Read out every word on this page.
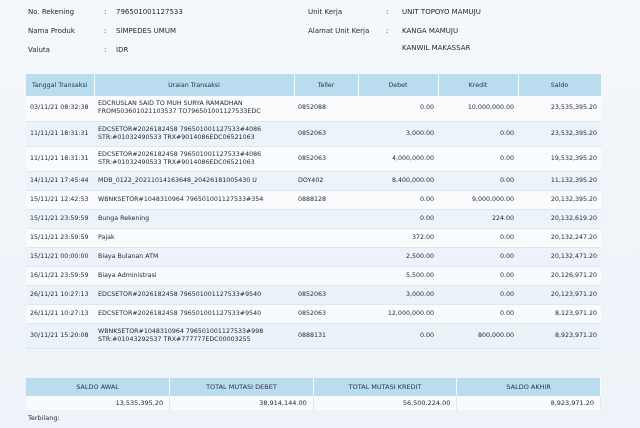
No. Rekening	: 796501001127533
Nama Produk	: SIMPEDES UMUM
Valuta	: IDR
Unit Kerja	: UNIT TOPOYO MAMUJU
Alamat Unit Kerja : KANGA MAMUJU
KANWIL MAKASSAR
Tanggal Transaksi	Uraian Transaksi	Teller	Debet	Kredit	Saldo
03/11/21 08:32:38	EDCRUSLAN SAID TO MUH SURYA RAMADHAN
FROM503601021103537 TO796501001127533EDC	0852088	0.00	10,000,000.00	23,535,395.20
11/11/21 18:31:31	EDCSETOR#2026182458 796501001127533#4086
STR:#01032490533 TRX#9014086EDC06521063	0852063	3,000.00	0.00	23,532,395.20
11/11/21 18:31:31	EDCSETOR#2026182458 796501001127533#4086
STR:#01032490533 TRX#9014086EDC06521063	0852063	4,000,000.00	0.00	19,532,395.20
14/11/21 17:45:44	MDB_0122_20211014163648_20426181005430 U	DOY402	8,400,000.00	0.00	11,132,395.20
15/11/21 12:42:53	WBNKSETOR#1048310964 796501001127533#354	0888128	0.00	9,000,000.00	20,132,395.20
15/11/21 23:59:59	Bunga Rekening		0.00	224.00	20,132,619.20
15/11/21 23:59:59	Pajak		372.00	0.00	20,132,247.20
15/11/21 00:00:00	Biaya Bulanan ATM		2,500.00	0.00	20,132,471.20
16/11/21 23:59:59	Biaya Administrasi		5,500.00	0.00	20,126,971.20
26/11/21 10:27:13	EDCSETOR#2026182458 796501001127533#9540	0852063	3,000.00	0.00	20,123,971.20
26/11/21 10:27:13	EDCSETOR#2026182458 796501001127533#9540	0852063	12,000,000.00	0.00	8,123,971.20
30/11/21 15:20:08	WBNKSETOR#1048310964 796501001127533#998
STR:#01043292537 TRX#777777EDC00003255	0888131	0.00	800,000.00	8,923,971.20
SALDO AWAL	TOTAL MUTASI DEBET	TOTAL MUTASI KREDIT	SALDO AKHIR
13,535,395.20	38,914,144.00	56,500,224.00	8,923,971.20
Terbilang:
